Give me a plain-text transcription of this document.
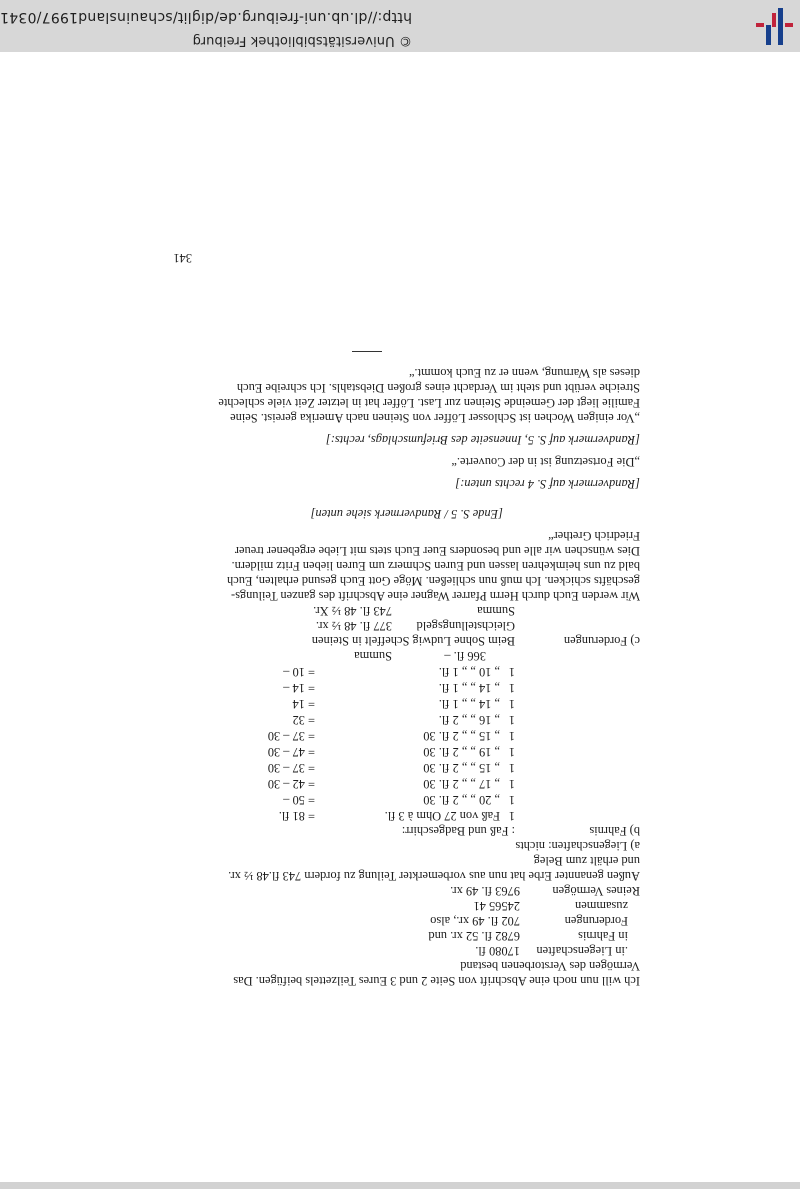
http://dl.ub.uni-freiburg.de/diglit/schauinsland1997/0341
© Universitätsbibliothek Freiburg
Ich will nun noch eine Abschrift von Seite 2 und 3 Eures Teilzettels beifügen. Das
Vermögen des Verstorbenen bestand
.in Liegenschaften
17080 fl.
in Fahrnis
6782 fl. 52 xr. und
Forderungen
702 fl. 49 xr., also
zusammen
24565 41
Reines Vermögen
9763 fl. 49 xr.
Außen genannter Erbe hat nun aus vorbemerkter Teilung zu fordern 743 fl.48 ½ xr.
und erhält zum Beleg
a) Liegenschaften: nichts
b) Fahrnis
: Faß und Badgeschirr:
1
Faß von 27 Ohm à 3 fl.
= 81 fl.
1
„ 20 „ „ 2 fl. 30
= 50 –
1
„ 17 „ „ 2 fl. 30
= 42 – 30
1
„ 15 „ „ 2 fl. 30
= 37 – 30
1
„ 19 „ „ 2 fl. 30
= 47 – 30
1
„ 15 „ „ 2 fl. 30
= 37 – 30
1
„ 16 „ „ 2 fl.
= 32
1
„ 14 „ „ 1 fl.
= 14
1
„ 14 „ „ 1 fl.
= 14 –
1
„ 10 „ „ 1 fl.
= 10 –
Summa	366 fl. –
c) Forderungen
Beim Sohne Ludwig Scheffelt in Steinen
Gleichstellungsgeld
377 fl. 48 ½ xr.
Summa
743 fl. 48 ½ Xr.
Wir werden Euch durch Herrn Pfarrer Wagner eine Abschrift des ganzen Teilungs-
geschäfts schicken. Ich muß nun schließen. Möge Gott Euch gesund erhalten, Euch
bald zu uns heimkehren lassen und Euren Schmerz um Euren lieben Fritz mildern.
Dies wünschen wir alle und besonders Euer Euch stets mit Liebe ergebener treuer
Friedrich Grether“
[Ende S. 5 / Randvermerk siehe unten]
[Randvermerk auf S. 4 rechts unten:]
„Die Fortsetzung ist in der Couverte.“
[Randvermerk auf S. 5, Innenseite des Briefumschlags, rechts:]
„Vor einigen Wochen ist Schlosser Löffer von Steinen nach Amerika gereist. Seine
Familie liegt der Gemeinde Steinen zur Last. Löffer hat in letzter Zeit viele schlechte
Streiche verübt und steht im Verdacht eines großen Diebstahls. Ich schreibe Euch
dieses als Warnung, wenn er zu Euch kommt.“
341
